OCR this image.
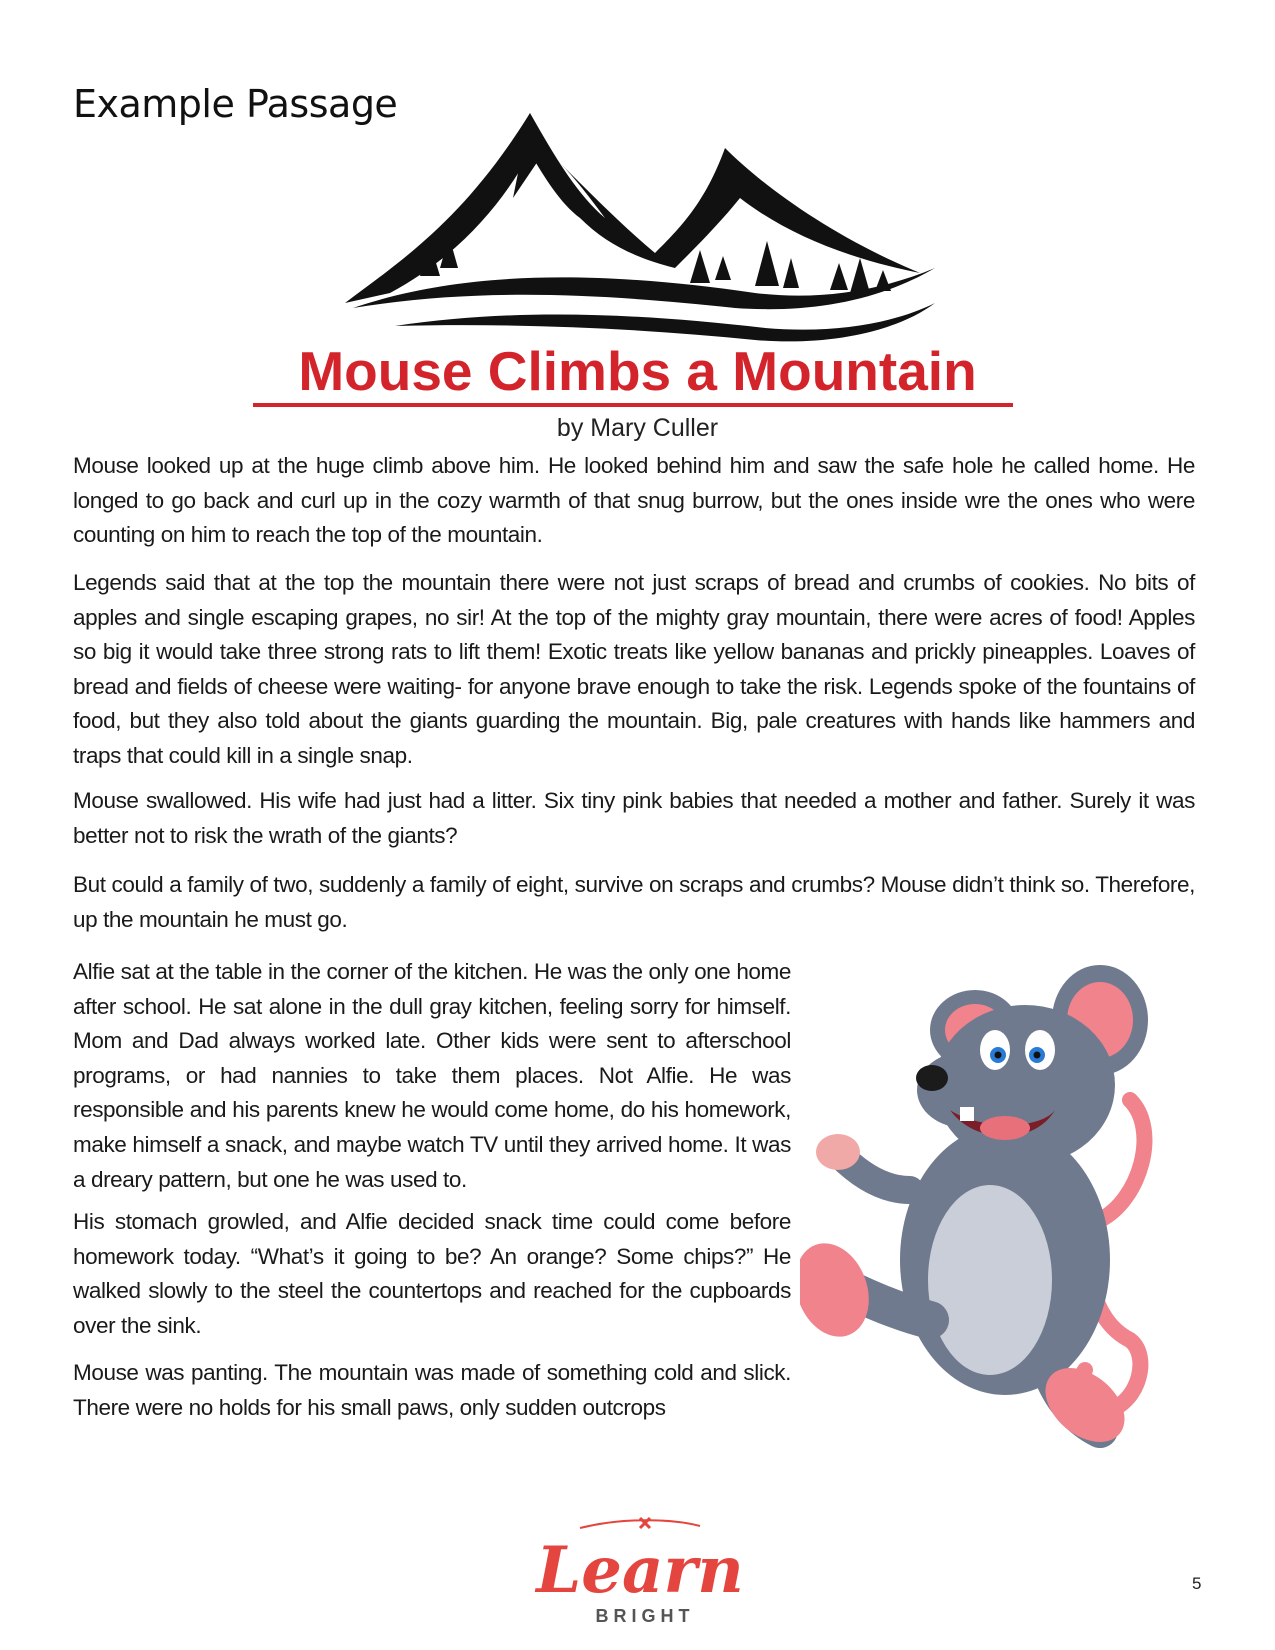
Example Passage
Mouse Climbs a Mountain
by Mary Culler

Mouse looked up at the huge climb above him. He looked behind him and saw the safe hole he called home. He longed to go back and curl up in the cozy warmth of that snug burrow, but the ones inside wre the ones who were counting on him to reach the top of the mountain.

Legends said that at the top the mountain there were not just scraps of bread and crumbs of cookies. No bits of apples and single escaping grapes, no sir! At the top of the mighty gray mountain, there were acres of food! Apples so big it would take three strong rats to lift them! Exotic treats like yellow bananas and prickly pineapples. Loaves of bread and fields of cheese were waiting- for anyone brave enough to take the risk. Legends spoke of the fountains of food, but they also told about the giants guarding the mountain. Big, pale creatures with hands like hammers and traps that could kill in a single snap.

Mouse swallowed. His wife had just had a litter. Six tiny pink babies that needed a mother and father. Surely it was better not to risk the wrath of the giants?

But could a family of two, suddenly a family of eight, survive on scraps and crumbs? Mouse didn’t think so. Therefore, up the mountain he must go.

Alfie sat at the table in the corner of the kitchen. He was the only one home after school. He sat alone in the dull gray kitchen, feeling sorry for himself. Mom and Dad always worked late. Other kids were sent to afterschool programs, or had nannies to take them places. Not Alfie. He was responsible and his parents knew he would come home, do his homework, make himself a snack, and maybe watch TV until they arrived home. It was a dreary pattern, but one he was used to.

His stomach growled, and Alfie decided snack time could come before homework today. “What’s it going to be? An orange? Some chips?” He walked slowly to the steel the countertops and reached for the cupboards over the sink.

Mouse was panting. The mountain was made of something cold and slick. There were no holds for his small paws, only sudden outcrops

Learn
BRIGHT
5
